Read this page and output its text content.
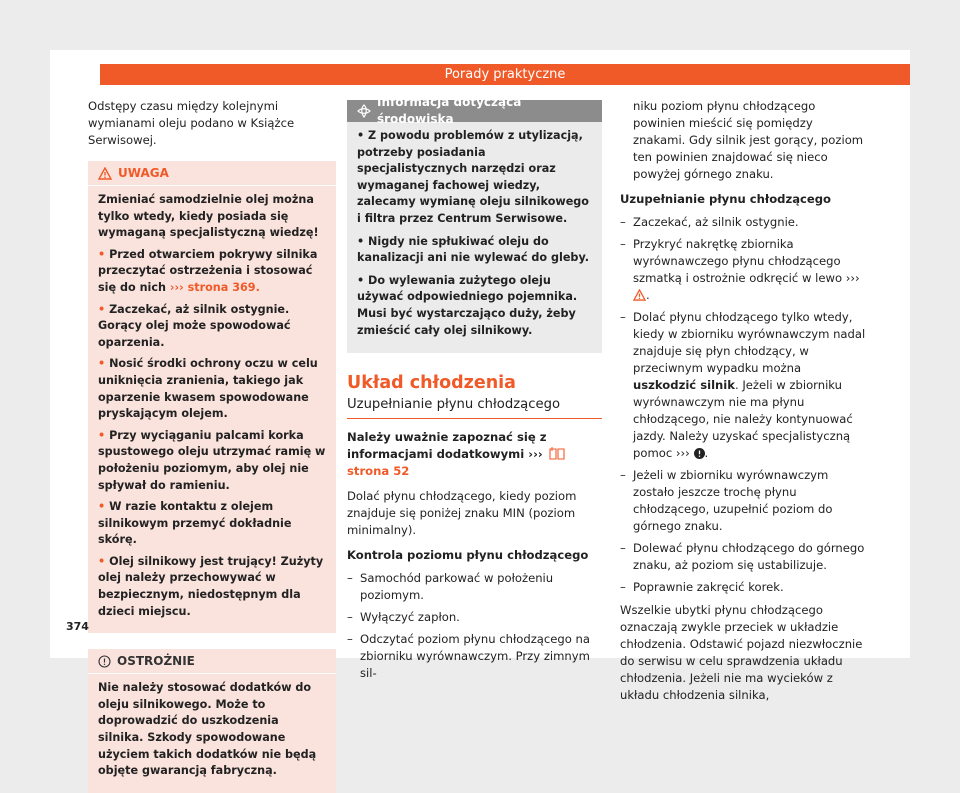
Porady praktyczne

Odstępy czasu między kolejnymi wymianami oleju podano w Książce Serwisowej.

UWAGA

Zmieniać samodzielnie olej można tylko wtedy, kiedy posiada się wymaganą specjalistyczną wiedzę!

• Przed otwarciem pokrywy silnika przeczytać ostrzeżenia i stosować się do nich ››› strona 369.

• Zaczekać, aż silnik ostygnie. Gorący olej może spowodować oparzenia.

• Nosić środki ochrony oczu w celu uniknięcia zranienia, takiego jak oparzenie kwasem spowodowane pryskającym olejem.

• Przy wyciąganiu palcami korka spustowego oleju utrzymać ramię w położeniu poziomym, aby olej nie spływał do ramieniu.

• W razie kontaktu z olejem silnikowym przemyć dokładnie skórę.

• Olej silnikowy jest trujący! Zużyty olej należy przechowywać w bezpiecznym, niedostępnym dla dzieci miejscu.

OSTROŻNIE

Nie należy stosować dodatków do oleju silnikowego. Może to doprowadzić do uszkodzenia silnika. Szkody spowodowane użyciem takich dodatków nie będą objęte gwarancją fabryczną.

Informacja dotycząca środowiska

• Z powodu problemów z utylizacją, potrzeby posiadania specjalistycznych narzędzi oraz wymaganej fachowej wiedzy, zalecamy wymianę oleju silnikowego i filtra przez Centrum Serwisowe.

• Nigdy nie spłukiwać oleju do kanalizacji ani nie wylewać do gleby.

• Do wylewania zużytego oleju używać odpowiedniego pojemnika. Musi być wystarczająco duży, żeby zmieścić cały olej silnikowy.

Układ chłodzenia
Uzupełnianie płynu chłodzącego

Należy uważnie zapoznać się z informacjami dodatkowymi ›››
strona 52

Dolać płynu chłodzącego, kiedy poziom znajduje się poniżej znaku MIN (poziom minimalny).

Kontrola poziomu płynu chłodzącego

– Samochód parkować w położeniu poziomym.
– Wyłączyć zapłon.
– Odczytać poziom płynu chłodzącego na zbiorniku wyrównawczym. Przy zimnym sil-

niku poziom płynu chłodzącego powinien mieścić się pomiędzy znakami. Gdy silnik jest gorący, poziom ten powinien znajdować się nieco powyżej górnego znaku.

Uzupełnianie płynu chłodzącego

– Zaczekać, aż silnik ostygnie.
– Przykryć nakrętkę zbiornika wyrównawczego płynu chłodzącego szmatką i ostrożnie odkręcić w lewo ›››
.
– Dolać płynu chłodzącego tylko wtedy, kiedy w zbiorniku wyrównawczym nadal znajduje się płyn chłodzący, w przeciwnym wypadku można uszkodzić silnik. Jeżeli w zbiorniku wyrównawczym nie ma płynu chłodzącego, nie należy kontynuować jazdy. Należy uzyskać specjalistyczną pomoc ››› .
– Jeżeli w zbiorniku wyrównawczym zostało jeszcze trochę płynu chłodzącego, uzupełnić poziom do górnego znaku.
– Dolewać płynu chłodzącego do górnego znaku, aż poziom się ustabilizuje.
– Poprawnie zakręcić korek.

Wszelkie ubytki płynu chłodzącego oznaczają zwykle przeciek w układzie chłodzenia. Odstawić pojazd niezwłocznie do serwisu w celu sprawdzenia układu chłodzenia. Jeżeli nie ma wycieków z układu chłodzenia silnika,

374
